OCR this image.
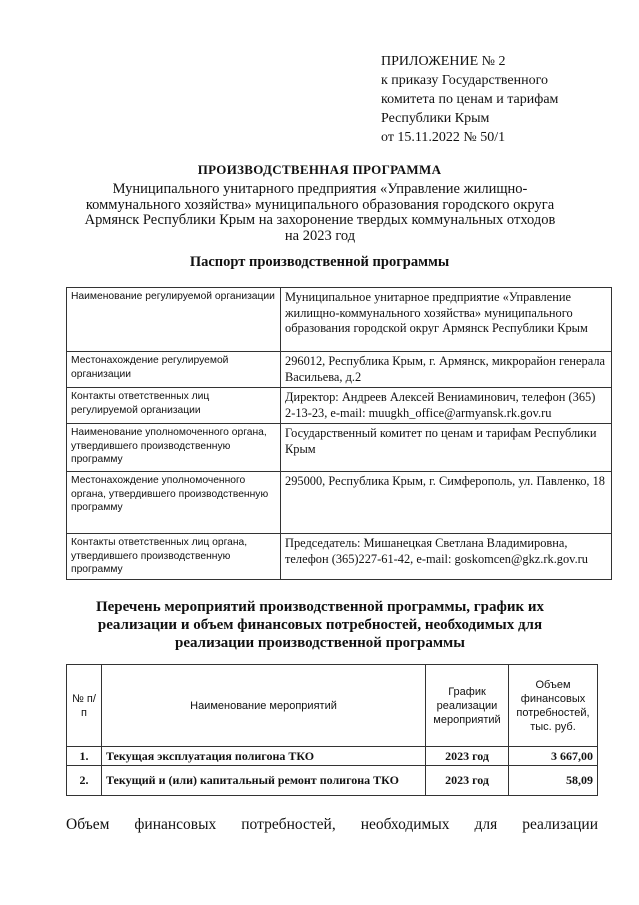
ПРИЛОЖЕНИЕ № 2
к приказу Государственного
комитета по ценам и тарифам
Республики Крым
от 15.11.2022 № 50/1
ПРОИЗВОДСТВЕННАЯ ПРОГРАММА
Муниципального унитарного предприятия «Управление жилищно-
коммунального хозяйства» муниципального образования городского округа
Армянск Республики Крым на захоронение твердых коммунальных отходов
на 2023 год
Паспорт производственной программы
Наименование регулируемой организации	Муниципальное унитарное предприятие «Управление жилищно-коммунального хозяйства» муниципального образования городской округ Армянск Республики Крым
Местонахождение регулируемой организации	296012, Республика Крым, г. Армянск, микрорайон генерала Васильева, д.2
Контакты ответственных лиц регулируемой организации	Директор: Андреев Алексей Вениаминович, телефон (365) 2-13-23, e-mail: muugkh_office@armyansk.rk.gov.ru
Наименование уполномоченного органа, утвердившего производственную программу	Государственный комитет по ценам и тарифам Республики Крым
Местонахождение уполномоченного органа, утвердившего производственную программу	295000, Республика Крым, г. Симферополь, ул. Павленко, 18
Контакты ответственных лиц органа, утвердившего производственную программу	Председатель: Мишанецкая Светлана Владимировна, телефон (365)227-61-42, e-mail: goskomcen@gkz.rk.gov.ru
Перечень мероприятий производственной программы, график их
реализации и объем финансовых потребностей, необходимых для
реализации производственной программы
№ п/п	Наименование мероприятий	График реализации мероприятий	Объем финансовых потребностей, тыс. руб.
1.	Текущая эксплуатация полигона ТКО	2023 год	3 667,00
2.	Текущий и (или) капитальный ремонт полигона ТКО	2023 год	58,09
Объем финансовых потребностей, необходимых для реализации
